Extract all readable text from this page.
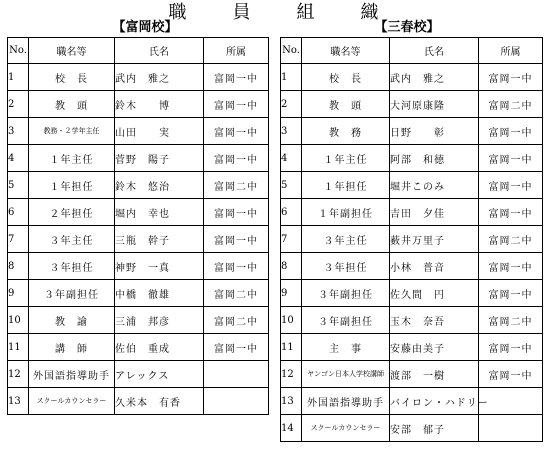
職　員　組　織
【富岡校】	【三春校】
No.	職名等	氏名	所属
1	校　長	武内　雅之	富岡一中
2	教　頭	鈴木　　博	富岡一中
3	教務・２学年主任	山田　　実	富岡一中
4	１年主任	菅野　陽子	富岡一中
5	１年担任	鈴木　悠治	富岡二中
6	２年担任	堀内　幸也	富岡一中
7	３年主任	三瓶　幹子	富岡一中
8	３年担任	神野　一真	富岡一中
9	３年副担任	中橋　徹雄	富岡二中
10	教　諭	三浦　邦彦	富岡二中
11	講　師	佐伯　重成	富岡一中
12	外国語指導助手	アレックス	
13	スクールカウンセラー	久米本　有香	
No.	職名等	氏名	所属
1	校　長	武内　雅之	富岡一中
2	教　頭	大河原康隆	富岡二中
3	教　務	日野　　彰	富岡一中
4	１年主任	阿部　和徳	富岡一中
5	１年担任	堀井このみ	富岡一中
6	１年副担任	吉田　夕佳	富岡一中
7	３年主任	薮井万里子	富岡二中
8	３年担任	小林　普音	富岡一中
9	３年副担任	佐久間　円	富岡一中
10	３年副担任	玉木　奈吾	富岡二中
11	主　事	安藤由美子	富岡一中
12	ヤンゴン日本人学校講師	渡部　一樹	富岡一中
13	外国語指導助手	バイロン・ハドリー	
14	スクールカウンセラー	安部　郁子	
